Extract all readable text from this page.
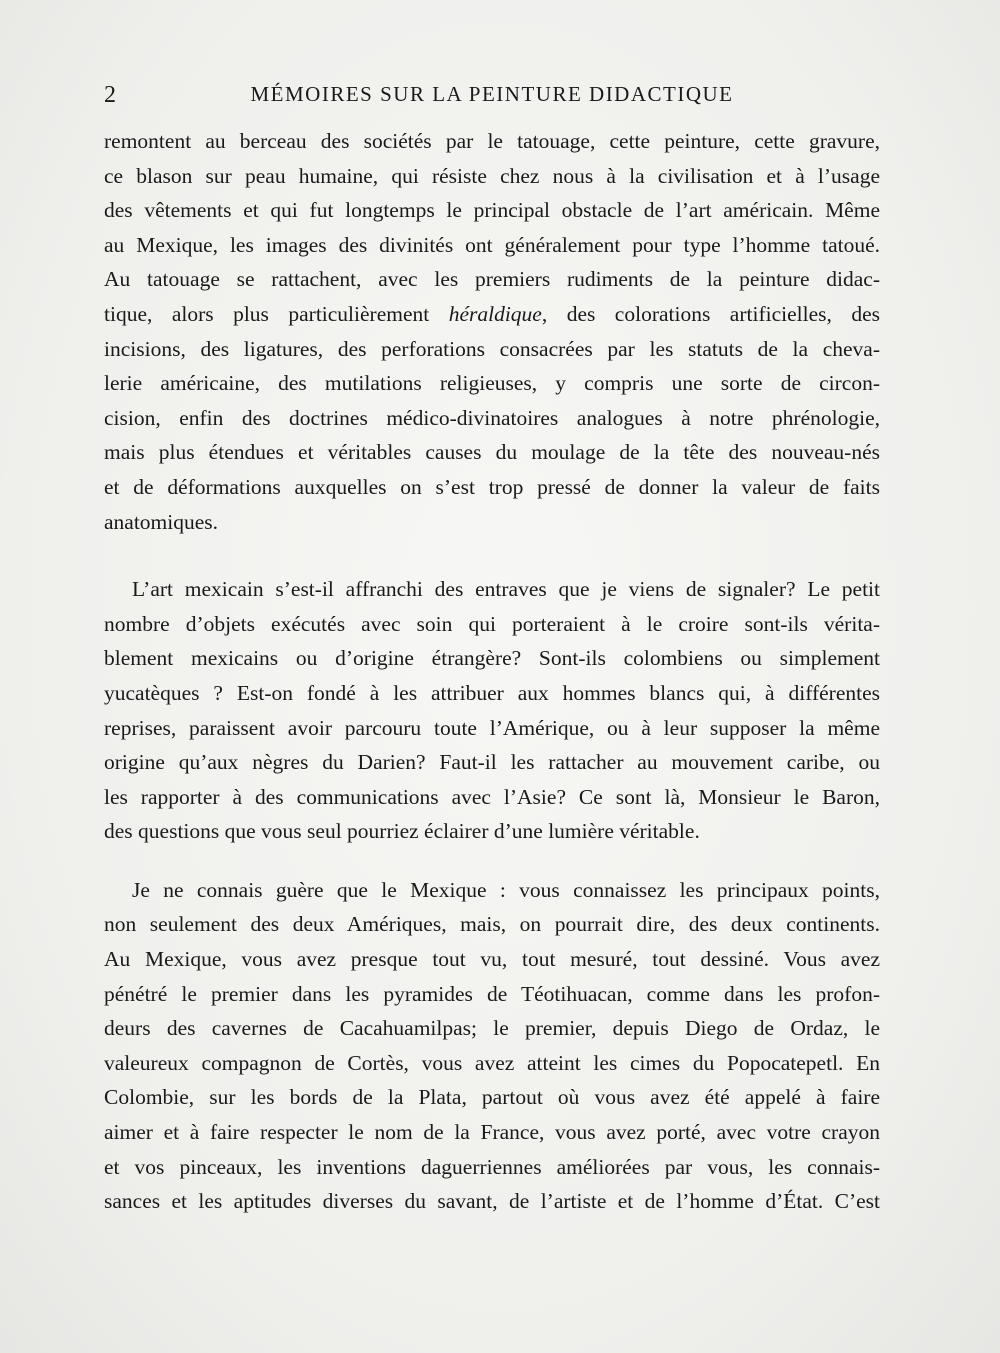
2	MÉMOIRES SUR LA PEINTURE DIDACTIQUE
remontent au berceau des sociétés par le tatouage, cette peinture, cette gravure,
ce blason sur peau humaine, qui résiste chez nous à la civilisation et à l’usage
des vêtements et qui fut longtemps le principal obstacle de l’art américain. Même
au Mexique, les images des divinités ont généralement pour type l’homme tatoué.
Au tatouage se rattachent, avec les premiers rudiments de la peinture didac-
tique, alors plus particulièrement héraldique, des colorations artificielles, des
incisions, des ligatures, des perforations consacrées par les statuts de la cheva-
lerie américaine, des mutilations religieuses, y compris une sorte de circon-
cision, enfin des doctrines médico-divinatoires analogues à notre phrénologie,
mais plus étendues et véritables causes du moulage de la tête des nouveau-nés
et de déformations auxquelles on s’est trop pressé de donner la valeur de faits
anatomiques.
L’art mexicain s’est-il affranchi des entraves que je viens de signaler? Le petit
nombre d’objets exécutés avec soin qui porteraient à le croire sont-ils vérita-
blement mexicains ou d’origine étrangère? Sont-ils colombiens ou simplement
yucatèques ? Est-on fondé à les attribuer aux hommes blancs qui, à différentes
reprises, paraissent avoir parcouru toute l’Amérique, ou à leur supposer la même
origine qu’aux nègres du Darien? Faut-il les rattacher au mouvement caribe, ou
les rapporter à des communications avec l’Asie? Ce sont là, Monsieur le Baron,
des questions que vous seul pourriez éclairer d’une lumière véritable.
Je ne connais guère que le Mexique : vous connaissez les principaux points,
non seulement des deux Amériques, mais, on pourrait dire, des deux continents.
Au Mexique, vous avez presque tout vu, tout mesuré, tout dessiné. Vous avez
pénétré le premier dans les pyramides de Téotihuacan, comme dans les profon-
deurs des cavernes de Cacahuamilpas; le premier, depuis Diego de Ordaz, le
valeureux compagnon de Cortès, vous avez atteint les cimes du Popocatepetl. En
Colombie, sur les bords de la Plata, partout où vous avez été appelé à faire
aimer et à faire respecter le nom de la France, vous avez porté, avec votre crayon
et vos pinceaux, les inventions daguerriennes améliorées par vous, les connais-
sances et les aptitudes diverses du savant, de l’artiste et de l’homme d’État. C’est
